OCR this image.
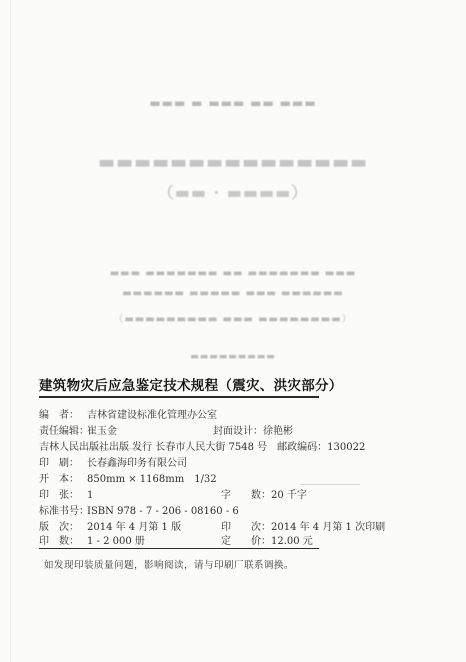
▬▬▬ ▬ ▬▬▬ ▬▬ ▬▬▬
▬▬▬▬▬▬▬▬▬▬▬▬▬▬▬
（▬▬ · ▬▬▬▬）
▬▬▬ ▬▬▬▬▬▬▬ ▬▬ ▬▬▬▬▬▬▬ ▬▬▬
▬▬▬▬▬▬ ▬▬▬▬▬ ▬▬▬ ▬▬▬▬▬▬
（▬▬▬▬▬▬▬▬▬ ▬▬▬ ▬▬▬▬▬▬▬▬）
▬▬▬▬▬▬▬▬▬
建筑物灾后应急鉴定技术规程（震灾、洪灾部分）
编　者： 吉林省建设标准化管理办公室
责任编辑：崔玉金	封面设计：徐艳彬
吉林人民出版社出版 发行 长春市人民大街 7548 号　邮政编码：130022
印　刷： 长春鑫海印务有限公司
开　本： 850mm × 1168mm　1/32
印　张： 1	字　　数：20 千字
标准书号：ISBN 978 - 7 - 206 - 08160 - 6
版　次： 2014 年 4 月第 1 版	印　　次：2014 年 4 月第 1 次印刷
印　数： 1 - 2 000 册	定　　价：12.00 元
如发现印装质量问题，影响阅读，请与印刷厂联系调换。
